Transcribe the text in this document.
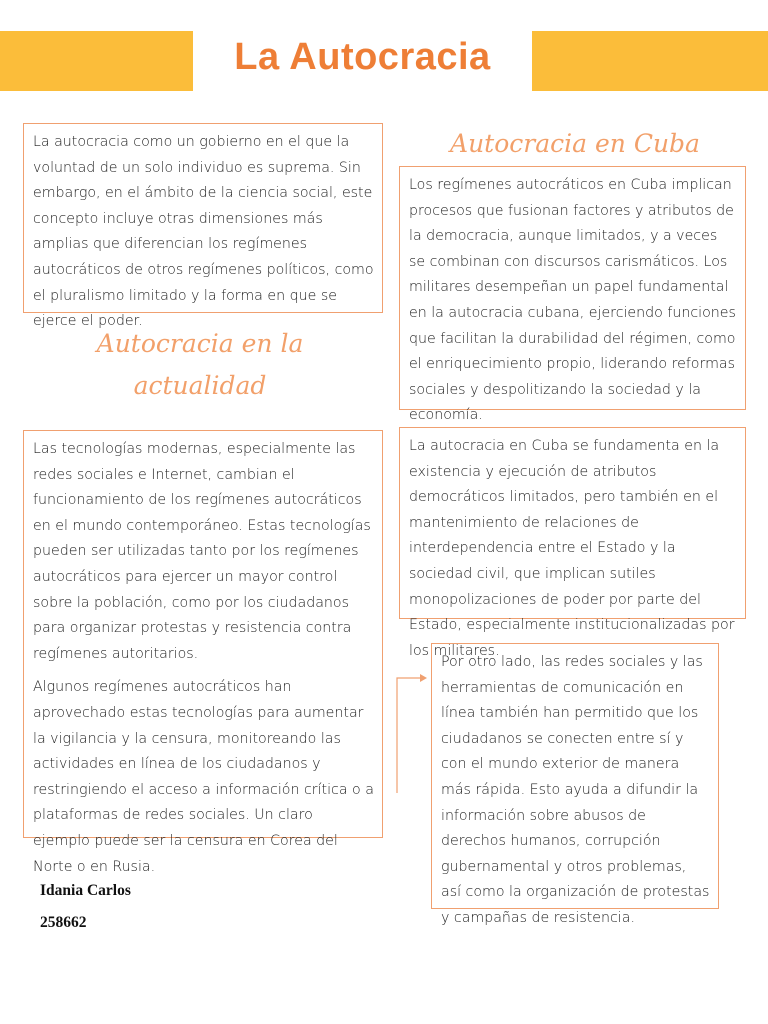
La Autocracia

La autocracia como un gobierno en el que la voluntad de un solo individuo es suprema. Sin embargo, en el ámbito de la ciencia social, este concepto incluye otras dimensiones más amplias que diferencian los regímenes autocráticos de otros regímenes políticos, como el pluralismo limitado y la forma en que se ejerce el poder.

Autocracia en la actualidad

Las tecnologías modernas, especialmente las redes sociales e Internet, cambian el funcionamiento de los regímenes autocráticos en el mundo contemporáneo. Estas tecnologías pueden ser utilizadas tanto por los regímenes autocráticos para ejercer un mayor control sobre la población, como por los ciudadanos para organizar protestas y resistencia contra regímenes autoritarios.

Algunos regímenes autocráticos han aprovechado estas tecnologías para aumentar la vigilancia y la censura, monitoreando las actividades en línea de los ciudadanos y restringiendo el acceso a información crítica o a plataformas de redes sociales. Un claro ejemplo puede ser la censura en Corea del Norte o en Rusia.

Autocracia en Cuba

Los regímenes autocráticos en Cuba implican procesos que fusionan factores y atributos de la democracia, aunque limitados, y a veces se combinan con discursos carismáticos. Los militares desempeñan un papel fundamental en la autocracia cubana, ejerciendo funciones que facilitan la durabilidad del régimen, como el enriquecimiento propio, liderando reformas sociales y despolitizando la sociedad y la economía.

La autocracia en Cuba se fundamenta en la existencia y ejecución de atributos democráticos limitados, pero también en el mantenimiento de relaciones de interdependencia entre el Estado y la sociedad civil, que implican sutiles monopolizaciones de poder por parte del Estado, especialmente institucionalizadas por los militares.

Por otro lado, las redes sociales y las herramientas de comunicación en línea también han permitido que los ciudadanos se conecten entre sí y con el mundo exterior de manera más rápida. Esto ayuda a difundir la información sobre abusos de derechos humanos, corrupción gubernamental y otros problemas, así como la organización de protestas y campañas de resistencia.

Idania Carlos
258662
